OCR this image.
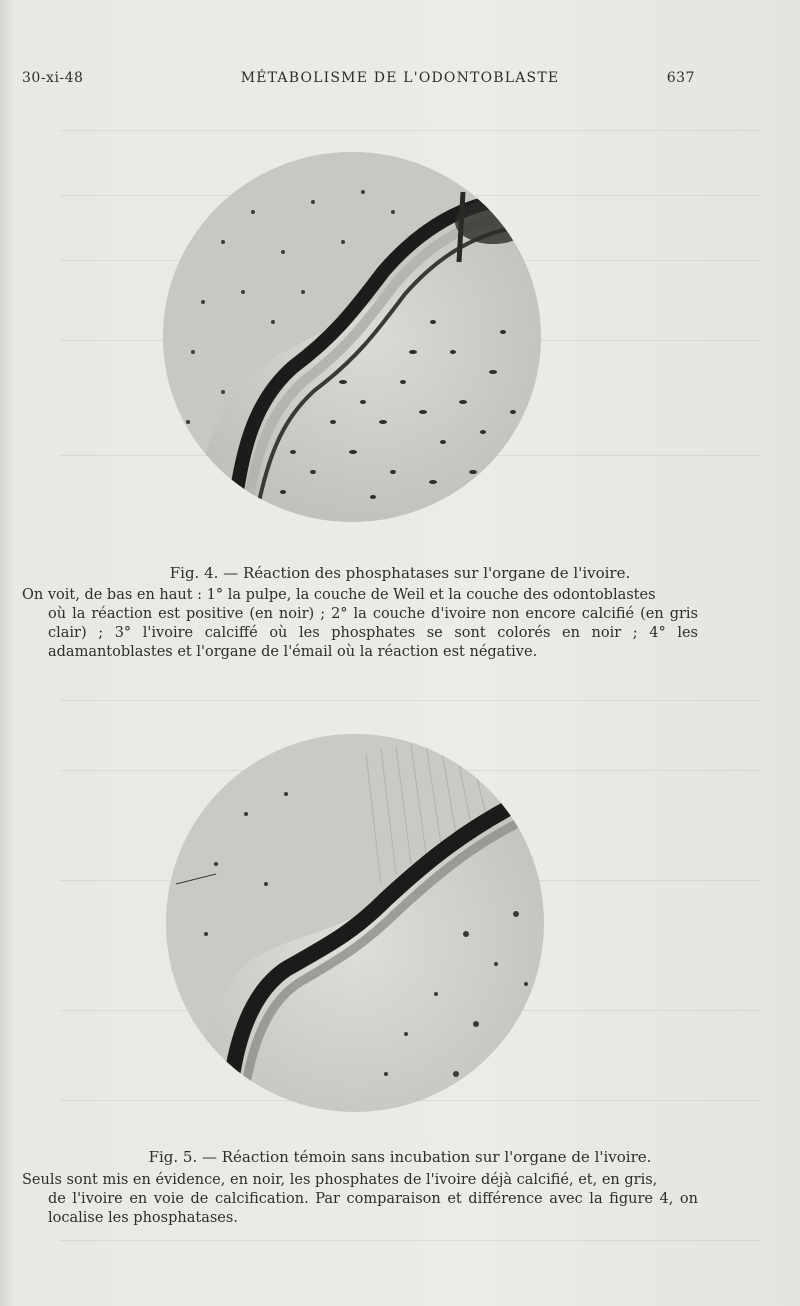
30-xi-48	MÉTABOLISME DE L'ODONTOBLASTE	637
Fig. 4. — Réaction des phosphatases sur l'organe de l'ivoire.
On voit, de bas en haut : 1° la pulpe, la couche de Weil et la couche des odontoblastes
où la réaction est positive (en noir) ; 2° la couche d'ivoire non encore calcifié (en gris clair) ; 3° l'ivoire calciffé où les phosphates se sont colorés en noir ; 4° les adamantoblastes et l'organe de l'émail où la réaction est négative.
Fig. 5. — Réaction témoin sans incubation sur l'organe de l'ivoire.
Seuls sont mis en évidence, en noir, les phosphates de l'ivoire déjà calcifié, et, en gris,
de l'ivoire en voie de calcification. Par comparaison et différence avec la figure 4, on localise les phosphatases.
